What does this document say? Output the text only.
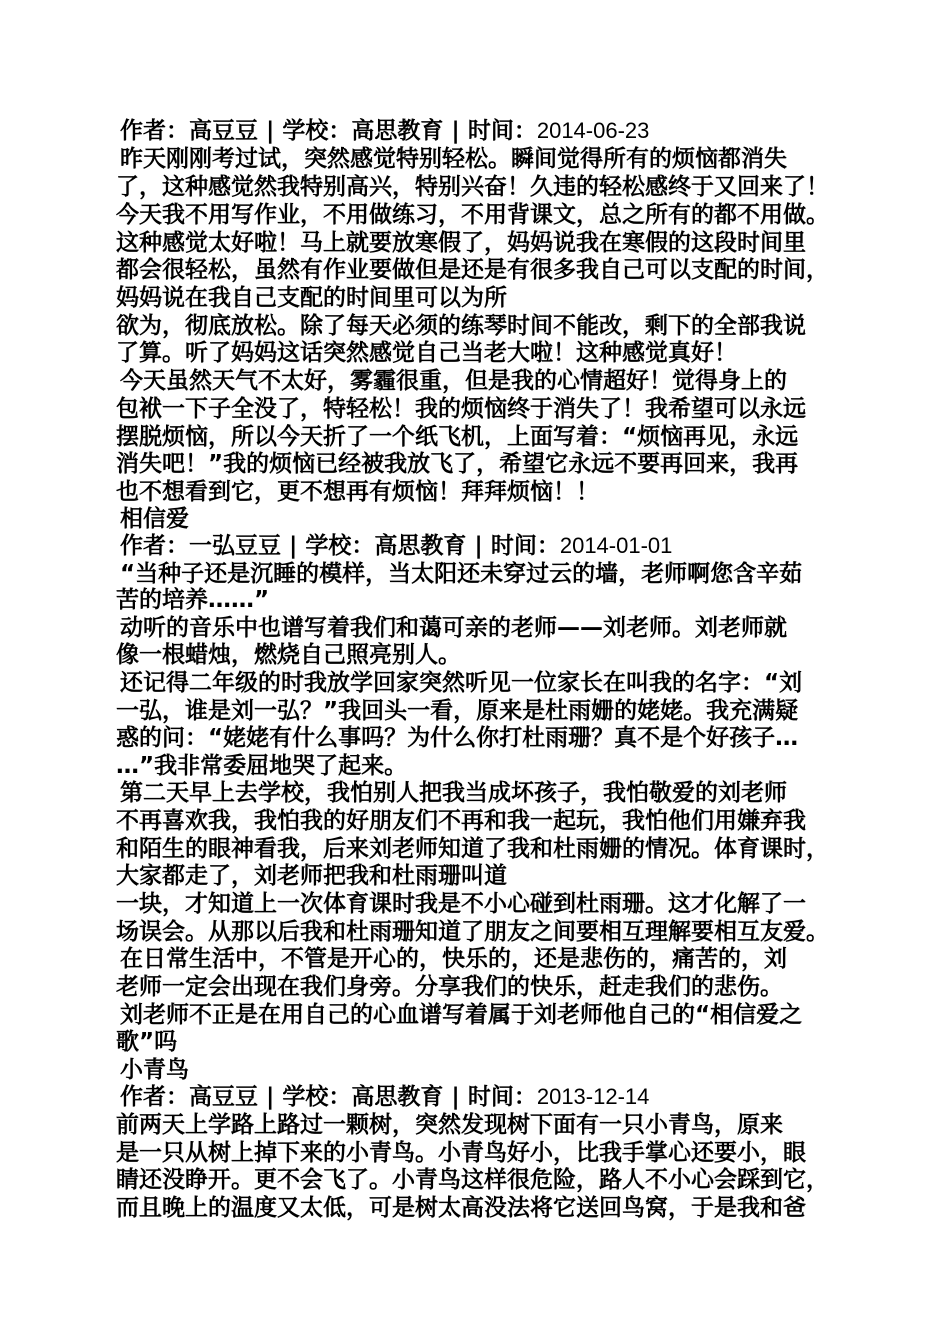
作者：高豆豆 | 学校：高思教育 | 时间：2014-06-23
昨天刚刚考过试，突然感觉特别轻松。瞬间觉得所有的烦恼都消失
了，这种感觉然我特别高兴，特别兴奋！久违的轻松感终于又回来了！
今天我不用写作业，不用做练习，不用背课文，总之所有的都不用做。
这种感觉太好啦！马上就要放寒假了，妈妈说我在寒假的这段时间里
都会很轻松，虽然有作业要做但是还是有很多我自己可以支配的时间，
妈妈说在我自己支配的时间里可以为所
欲为，彻底放松。除了每天必须的练琴时间不能改，剩下的全部我说
了算。听了妈妈这话突然感觉自己当老大啦！这种感觉真好！
今天虽然天气不太好，雾霾很重，但是我的心情超好！觉得身上的
包袱一下子全没了，特轻松！我的烦恼终于消失了！我希望可以永远
摆脱烦恼，所以今天折了一个纸飞机，上面写着：“烦恼再见，永远
消失吧！”我的烦恼已经被我放飞了，希望它永远不要再回来，我再
也不想看到它，更不想再有烦恼！拜拜烦恼！！
相信爱
作者：一弘豆豆 | 学校：高思教育 | 时间：2014-01-01
“当种子还是沉睡的模样，当太阳还未穿过云的墙，老师啊您含辛茹
苦的培养……”
动听的音乐中也谱写着我们和蔼可亲的老师——刘老师。刘老师就
像一根蜡烛，燃烧自己照亮别人。
还记得二年级的时我放学回家突然听见一位家长在叫我的名字：“刘
一弘，谁是刘一弘？”我回头一看，原来是杜雨姗的姥姥。我充满疑
惑的问：“姥姥有什么事吗？为什么你打杜雨珊？真不是个好孩子…
…”我非常委屈地哭了起来。
第二天早上去学校，我怕别人把我当成坏孩子，我怕敬爱的刘老师
不再喜欢我，我怕我的好朋友们不再和我一起玩，我怕他们用嫌弃我
和陌生的眼神看我，后来刘老师知道了我和杜雨姗的情况。体育课时，
大家都走了，刘老师把我和杜雨珊叫道
一块，才知道上一次体育课时我是不小心碰到杜雨珊。这才化解了一
场误会。从那以后我和杜雨珊知道了朋友之间要相互理解要相互友爱。
在日常生活中，不管是开心的，快乐的，还是悲伤的，痛苦的，刘
老师一定会出现在我们身旁。分享我们的快乐，赶走我们的悲伤。
刘老师不正是在用自己的心血谱写着属于刘老师他自己的“相信爱之
歌”吗
小青鸟
作者：高豆豆 | 学校：高思教育 | 时间：2013-12-14
前两天上学路上路过一颗树，突然发现树下面有一只小青鸟，原来
是一只从树上掉下来的小青鸟。小青鸟好小，比我手掌心还要小，眼
睛还没睁开。更不会飞了。小青鸟这样很危险，路人不小心会踩到它，
而且晚上的温度又太低，可是树太高没法将它送回鸟窝，于是我和爸
